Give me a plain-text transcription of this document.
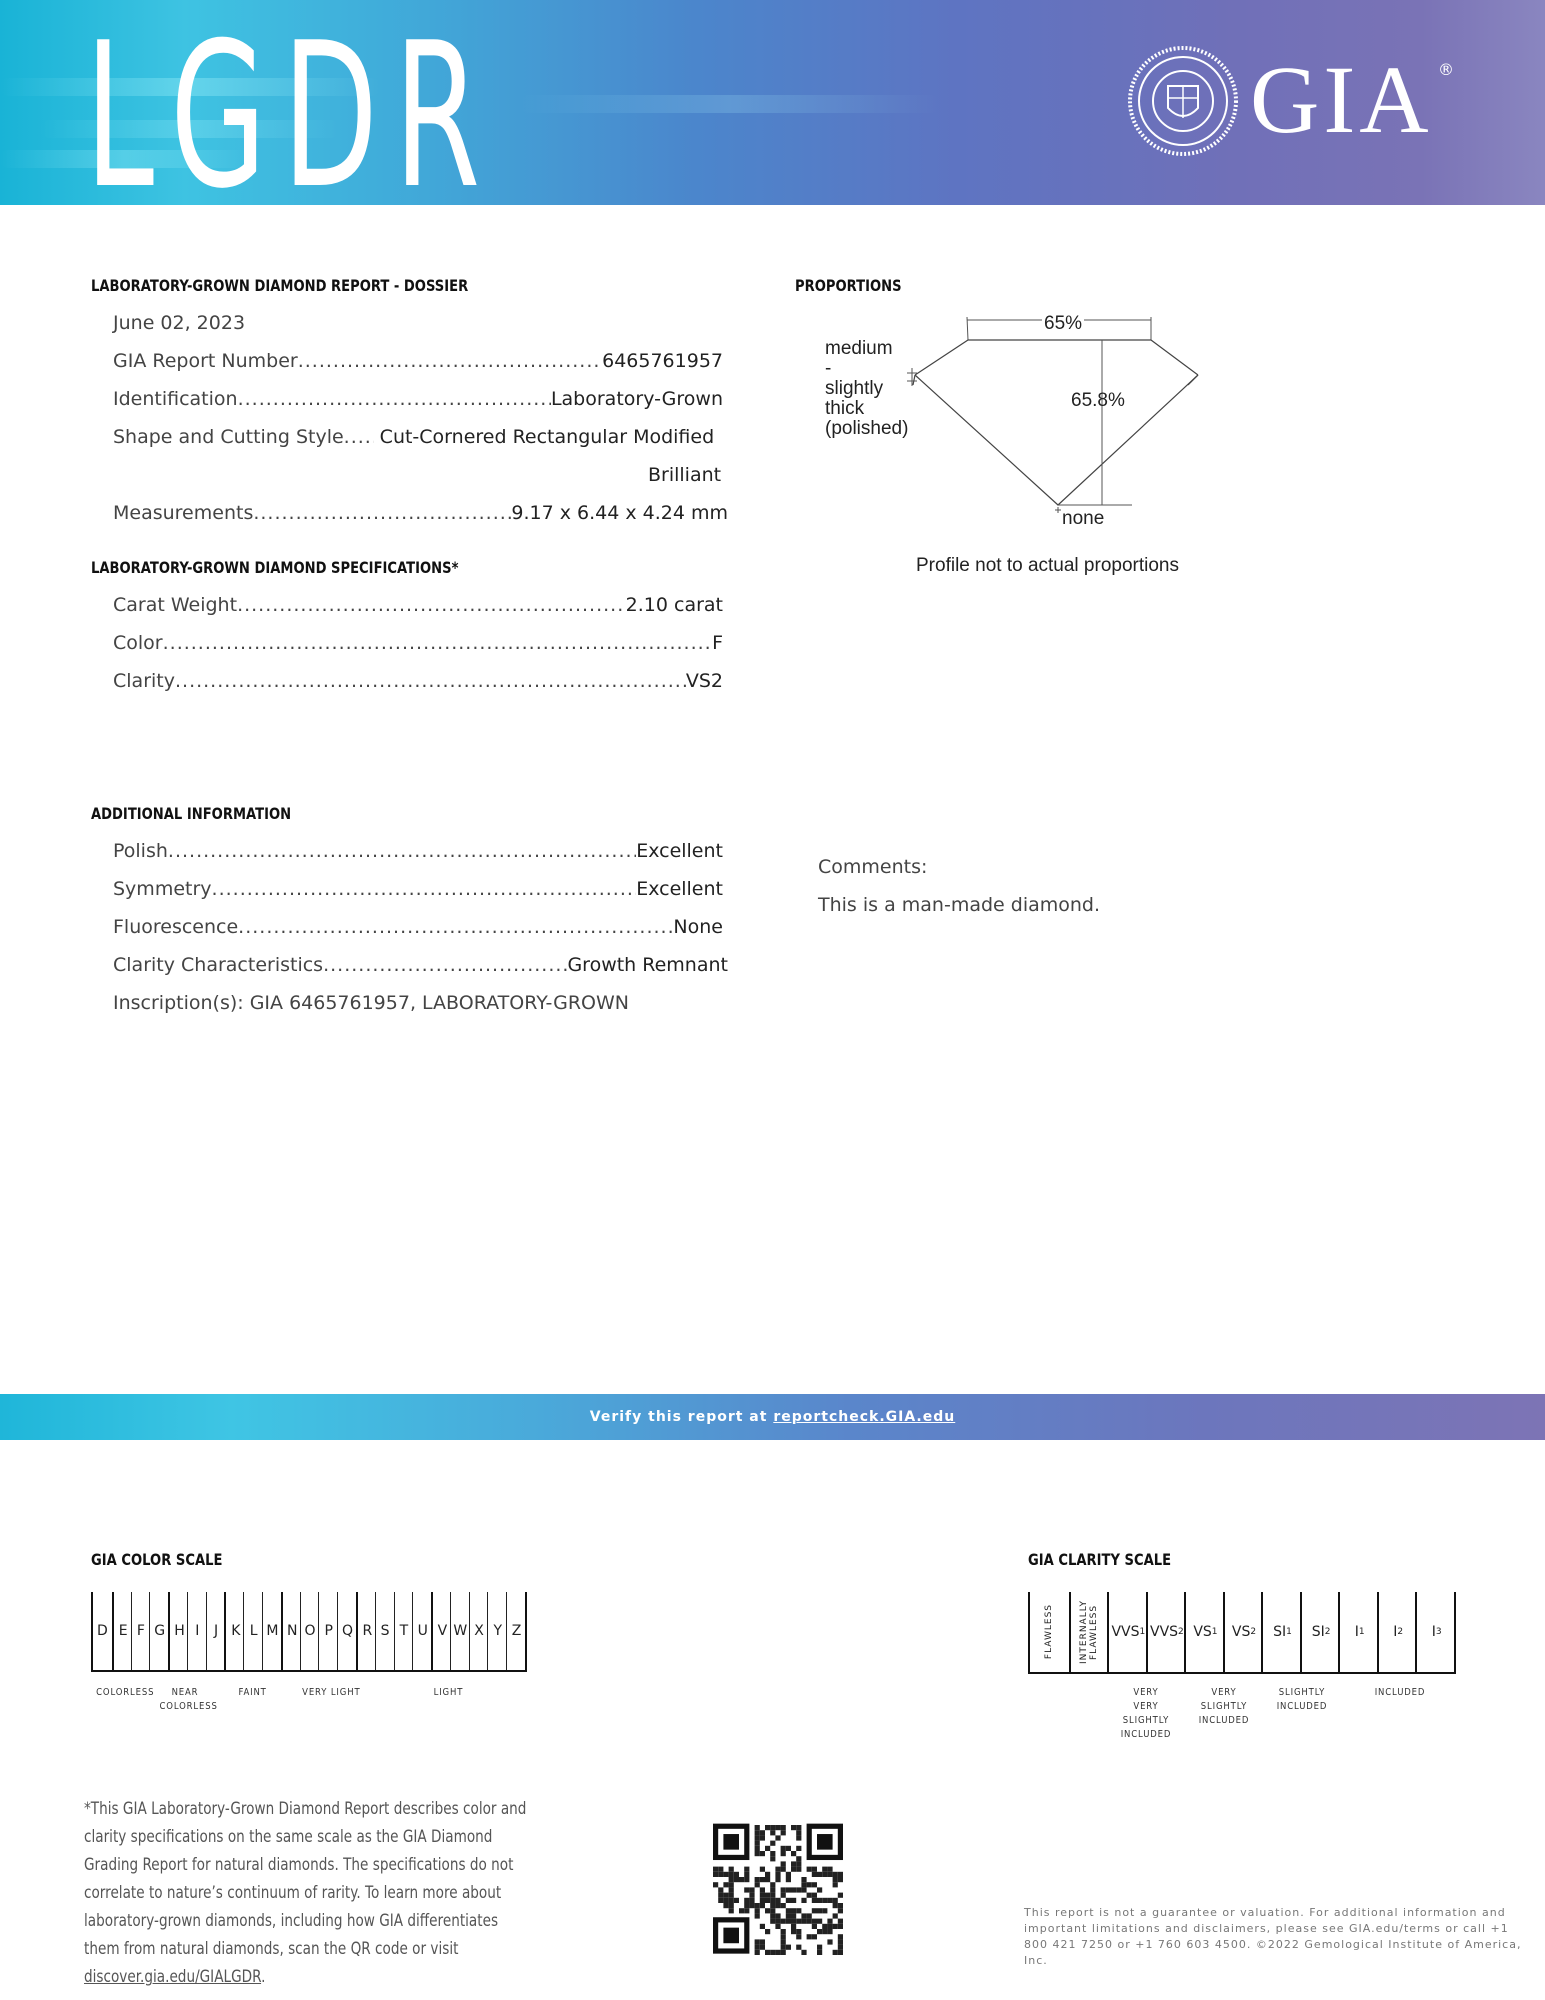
LGDR	GIA ®
LABORATORY-GROWN DIAMOND REPORT - DOSSIER
June 02, 2023
GIA Report Number .....	6465761957
Identification .....	Laboratory-Grown
Shape and Cutting Style ..... Cut-Cornered Rectangular Modified
Brilliant
Measurements .....	9.17 x 6.44 x 4.24 mm
LABORATORY-GROWN DIAMOND SPECIFICATIONS*
Carat Weight .....	2.10 carat
Color .....	F
Clarity .....	VS2
ADDITIONAL INFORMATION
Polish .....	Excellent
Symmetry .....	Excellent
Fluorescence .....	None
Clarity Characteristics .....	Growth Remnant
Inscription(s): GIA 6465761957, LABORATORY-GROWN
PROPORTIONS
65%
65.8%
medium
-
slightly
thick
(polished)
none
Profile not to actual proportions
Comments:
This is a man-made diamond.
Verify this report at reportcheck.GIA.edu
GIA COLOR SCALE
D E F G H I	J K L M N O P Q R S T U V W X Y Z
COLORLESS	NEAR COLORLESS
FAINT	VERY LIGHT	LIGHT
GIA CLARITY SCALE
FLAWLESS	INTERNALLY FLAWLESS VVS 1 VVS 2 VS 1 VS 2 SI 1 SI 2 I 1 I 2 I 3
VERY VERY SLIGHTLY INCLUDED
VERY SLIGHTLY INCLUDED
SLIGHTLY INCLUDED
INCLUDED
*This GIA Laboratory-Grown Diamond Report describes color and clarity specifications on the same scale as the GIA Diamond Grading Report for natural diamonds. The specifications do not correlate to nature’s continuum of rarity. To learn more about laboratory-grown diamonds, including how GIA differentiates them from natural diamonds, scan the QR code or visit discover.gia.edu/GIALGDR.
This report is not a guarantee or valuation. For additional information and important limitations and disclaimers, please see GIA.edu/terms or call +1 800 421 7250 or +1 760 603 4500. ©2022 Gemological Institute of America, Inc.
